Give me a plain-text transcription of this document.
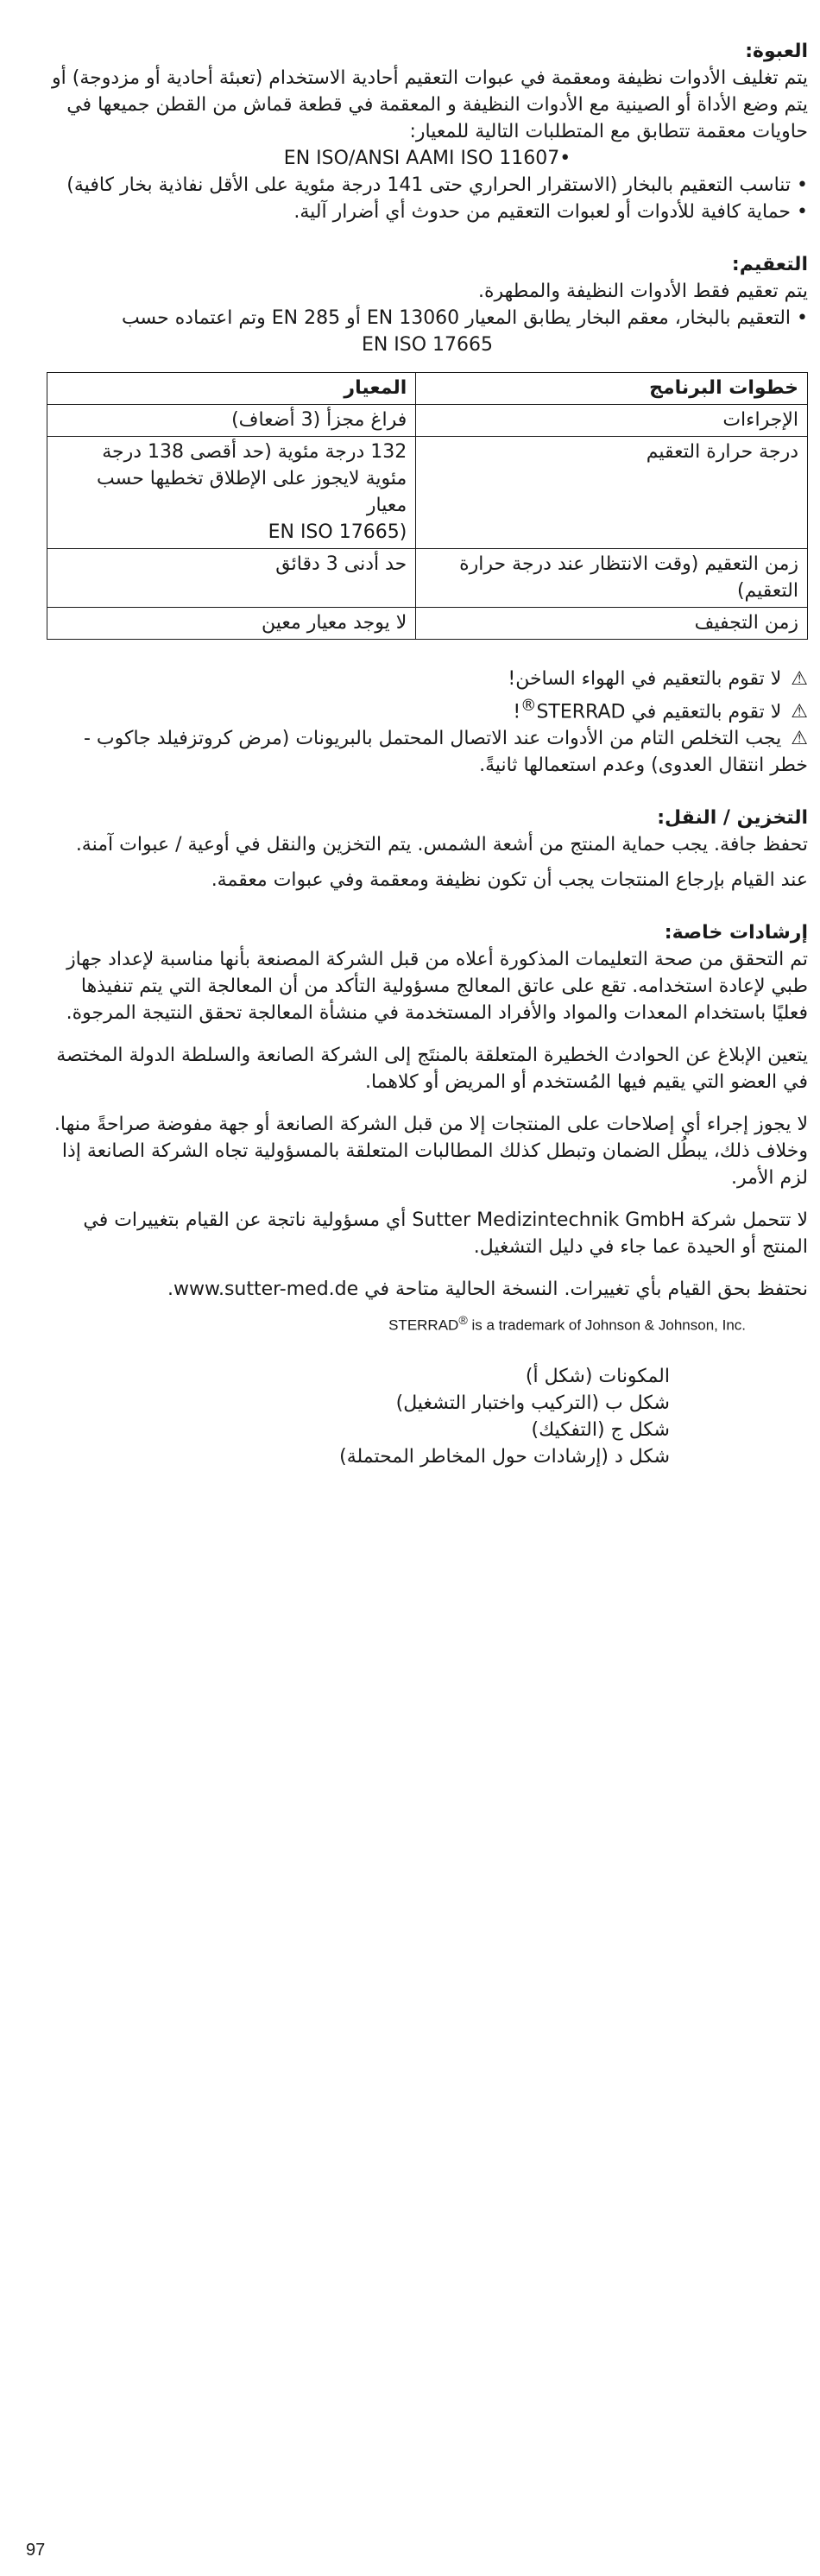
العبوة:

يتم تغليف الأدوات نظيفة ومعقمة في عبوات التعقيم أحادية الاستخدام (تعبئة أحادية أو مزدوجة) أو يتم وضع الأداة أو الصينية مع الأدوات النظيفة و المعقمة في قطعة قماش من القطن جميعها في حاويات معقمة تتطابق مع المتطلبات التالية للمعيار:

EN ISO/ANSI AAMI ISO 11607•

• تناسب التعقيم بالبخار (الاستقرار الحراري حتى 141 درجة مئوية على الأقل نفاذية بخار كافية)

• حماية كافية للأدوات أو لعبوات التعقيم من حدوث أي أضرار آلية.

التعقيم:

يتم تعقيم فقط الأدوات النظيفة والمطهرة.

• التعقيم بالبخار، معقم البخار يطابق المعيار EN 13060 أو EN 285 وتم اعتماده حسب

EN ISO 17665

خطوات البرنامج	المعيار
الإجراءات	فراغ مجزأ (3 أضعاف)
درجة حرارة التعقيم	132 درجة مئوية (حد أقصى 138 درجة مئوية لايجوز على الإطلاق تخطيها حسب معيار
(EN ISO 17665

زمن التعقيم (وقت الانتظار عند درجة حرارة التعقيم)	حد أدنى 3 دقائق
زمن التجفيف	لا يوجد معيار معين

⚠ لا تقوم بالتعقيم في الهواء الساخن!

⚠ لا تقوم بالتعقيم في STERRAD®!

⚠ يجب التخلص التام من الأدوات عند الاتصال المحتمل بالبريونات (مرض كروتزفيلد جاكوب - خطر انتقال العدوى) وعدم استعمالها ثانيةً.

التخزين / النقل:

تحفظ جافة. يجب حماية المنتج من أشعة الشمس. يتم التخزين والنقل في أوعية / عبوات آمنة.

عند القيام بإرجاع المنتجات يجب أن تكون نظيفة ومعقمة وفي عبوات معقمة.

إرشادات خاصة:

تم التحقق من صحة التعليمات المذكورة أعلاه من قبل الشركة المصنعة بأنها مناسبة لإعداد جهاز طبي لإعادة استخدامه. تقع على عاتق المعالج مسؤولية التأكد من أن المعالجة التي يتم تنفيذها فعليًا باستخدام المعدات والمواد والأفراد المستخدمة في منشأة المعالجة تحقق النتيجة المرجوة.

يتعين الإبلاغ عن الحوادث الخطيرة المتعلقة بالمنتَج إلى الشركة الصانعة والسلطة الدولة المختصة في العضو التي يقيم فيها المُستخدم أو المريض أو كلاهما.

لا يجوز إجراء أي إصلاحات على المنتجات إلا من قبل الشركة الصانعة أو جهة مفوضة صراحةً منها. وخلاف ذلك، يبطُل الضمان وتبطل كذلك المطالبات المتعلقة بالمسؤولية تجاه الشركة الصانعة إذا لزم الأمر.

لا تتحمل شركة Sutter Medizintechnik GmbH أي مسؤولية ناتجة عن القيام بتغييرات في المنتج أو الحيدة عما جاء في دليل التشغيل.

نحتفظ بحق القيام بأي تغييرات. النسخة الحالية متاحة في www.sutter-med.de.

STERRAD® is a trademark of Johnson & Johnson, Inc.

المكونات (شكل أ)

شكل ب (التركيب واختبار التشغيل)

شكل ج (التفكيك)

شكل د (إرشادات حول المخاطر المحتملة)

97
